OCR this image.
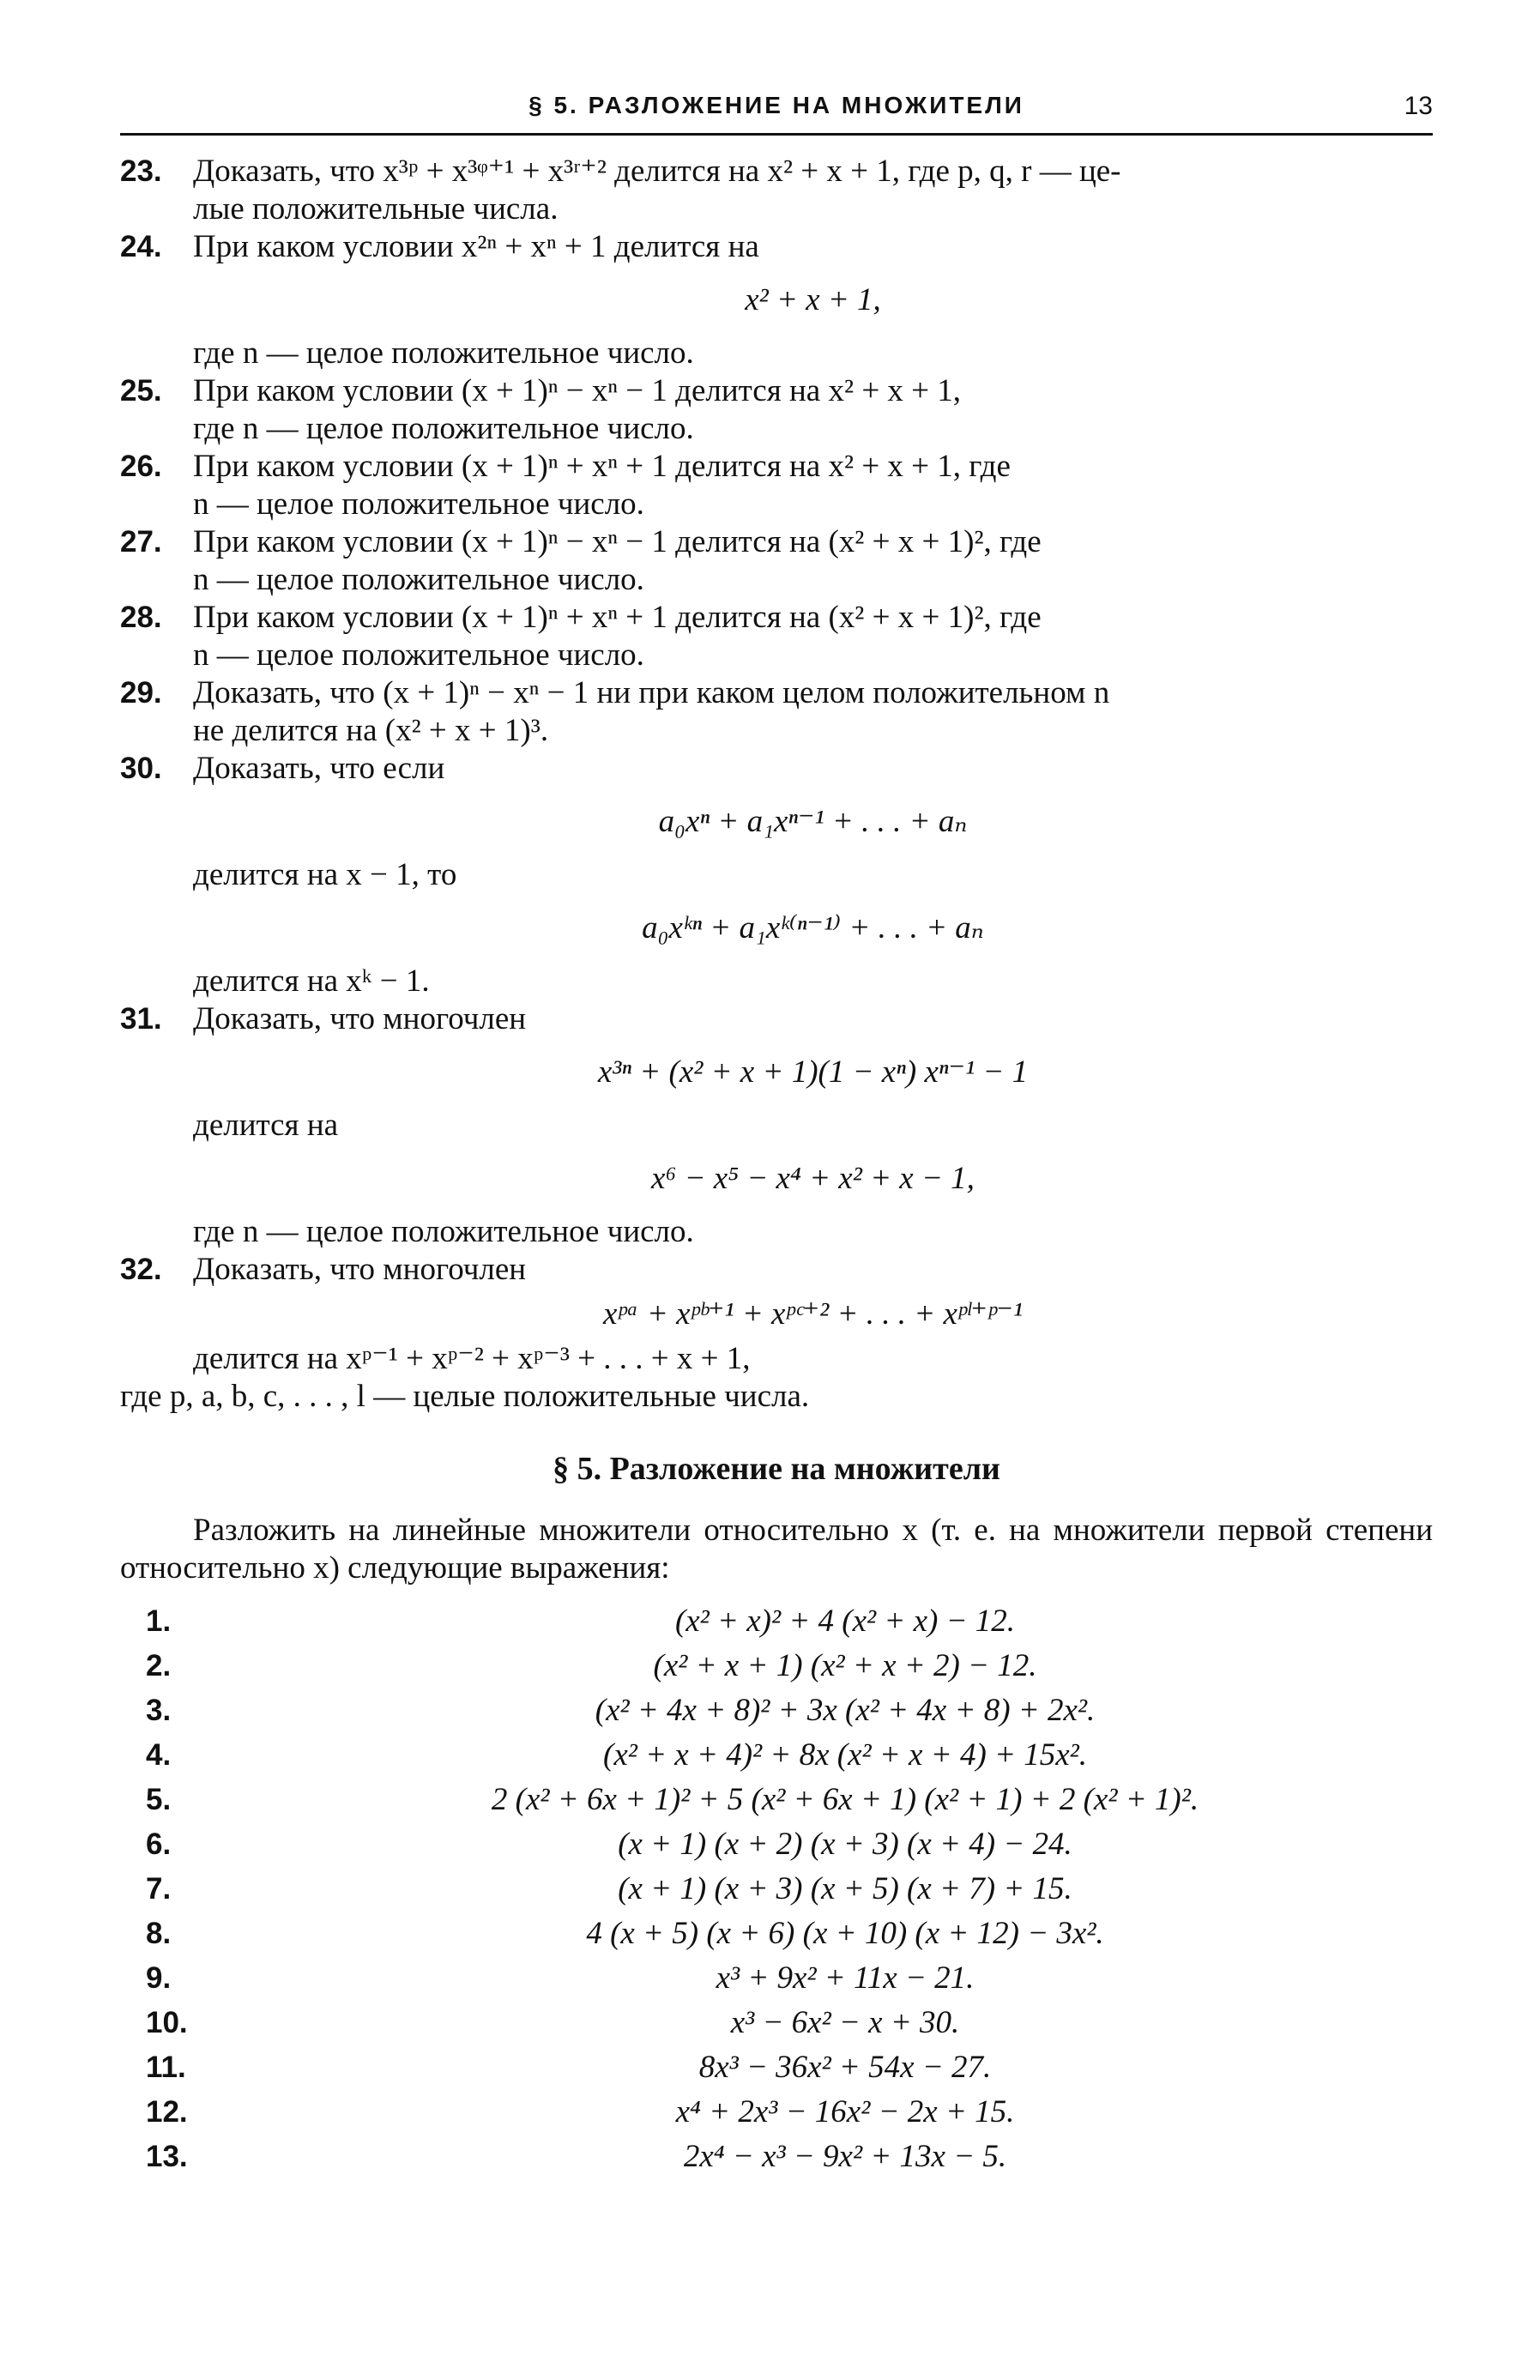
§ 5. РАЗЛОЖЕНИЕ НА МНОЖИТЕЛИ	13
23. Доказать, что x³ᵖ + x³ᵠ⁺¹ + x³ʳ⁺² делится на x² + x + 1, где p, q, r — це-
лые положительные числа.
24. При каком условии x²ⁿ + xⁿ + 1 делится на
x² + x + 1,
где n — целое положительное число.
25. При каком условии (x + 1)ⁿ − xⁿ − 1 делится на x² + x + 1,
где n — целое положительное число.
26. При каком условии (x + 1)ⁿ + xⁿ + 1 делится на x² + x + 1, где
n — целое положительное число.
27. При каком условии (x + 1)ⁿ − xⁿ − 1 делится на (x² + x + 1)², где
n — целое положительное число.
28. При каком условии (x + 1)ⁿ + xⁿ + 1 делится на (x² + x + 1)², где
n — целое положительное число.
29. Доказать, что (x + 1)ⁿ − xⁿ − 1 ни при каком целом положительном n
не делится на (x² + x + 1)³.
30. Доказать, что если
a₀xⁿ + a₁xⁿ⁻¹ + . . . + aₙ
делится на x − 1, то
a₀xᵏⁿ + a₁xᵏ⁽ⁿ⁻¹⁾ + . . . + aₙ
делится на xᵏ − 1.
31. Доказать, что многочлен
x³ⁿ + (x² + x + 1)(1 − xⁿ) xⁿ⁻¹ − 1
делится на
x⁶ − x⁵ − x⁴ + x² + x − 1,
где n — целое положительное число.
32. Доказать, что многочлен
xᵖᵃ + xᵖᵇ⁺¹ + xᵖᶜ⁺² + . . . + xᵖˡ⁺ᵖ⁻¹
делится на xᵖ⁻¹ + xᵖ⁻² + xᵖ⁻³ + . . . + x + 1,
где p, a, b, c, . . . , l — целые положительные числа.
§ 5. Разложение на множители
Разложить на линейные множители относительно x (т. е. на множители первой степени относительно x) следующие выражения:
1.	(x² + x)² + 4 (x² + x) − 12.
2.	(x² + x + 1) (x² + x + 2) − 12.
3.	(x² + 4x + 8)² + 3x (x² + 4x + 8) + 2x².
4.	(x² + x + 4)² + 8x (x² + x + 4) + 15x².
5.	2 (x² + 6x + 1)² + 5 (x² + 6x + 1) (x² + 1) + 2 (x² + 1)².
6.	(x + 1) (x + 2) (x + 3) (x + 4) − 24.
7.	(x + 1) (x + 3) (x + 5) (x + 7) + 15.
8.	4 (x + 5) (x + 6) (x + 10) (x + 12) − 3x².
9.	x³ + 9x² + 11x − 21.
10.	x³ − 6x² − x + 30.
11.	8x³ − 36x² + 54x − 27.
12.	x⁴ + 2x³ − 16x² − 2x + 15.
13.	2x⁴ − x³ − 9x² + 13x − 5.
